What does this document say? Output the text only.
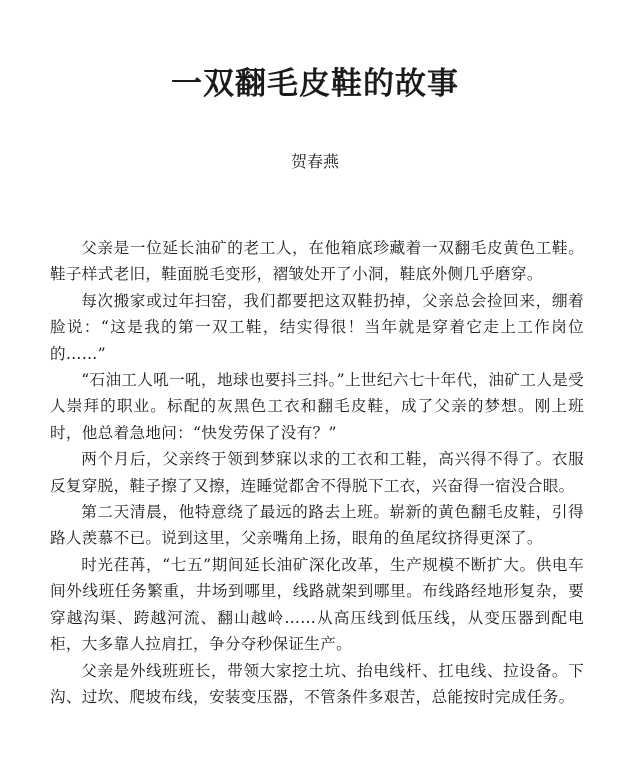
一双翻毛皮鞋的故事
贺春燕

父亲是一位延长油矿的老工人，在他箱底珍藏着一双翻毛皮黄色工鞋。鞋子样式老旧，鞋面脱毛变形，褶皱处开了小洞，鞋底外侧几乎磨穿。

每次搬家或过年扫窑，我们都要把这双鞋扔掉，父亲总会捡回来，绷着脸说：“这是我的第一双工鞋，结实得很！当年就是穿着它走上工作岗位的……”

“石油工人吼一吼，地球也要抖三抖。”上世纪六七十年代，油矿工人是受人崇拜的职业。标配的灰黑色工衣和翻毛皮鞋，成了父亲的梦想。刚上班时，他总着急地问：“快发劳保了没有？”

两个月后，父亲终于领到梦寐以求的工衣和工鞋，高兴得不得了。衣服反复穿脱，鞋子擦了又擦，连睡觉都舍不得脱下工衣，兴奋得一宿没合眼。

第二天清晨，他特意绕了最远的路去上班。崭新的黄色翻毛皮鞋，引得路人羡慕不已。说到这里，父亲嘴角上扬，眼角的鱼尾纹挤得更深了。

时光荏苒，“七五”期间延长油矿深化改革，生产规模不断扩大。供电车间外线班任务繁重，井场到哪里，线路就架到哪里。布线路经地形复杂，要穿越沟渠、跨越河流、翻山越岭……从高压线到低压线，从变压器到配电柜，大多靠人拉肩扛，争分夺秒保证生产。

父亲是外线班班长，带领大家挖土坑、抬电线杆、扛电线、拉设备。下沟、过坎、爬坡布线，安装变压器，不管条件多艰苦，总能按时完成任务。
